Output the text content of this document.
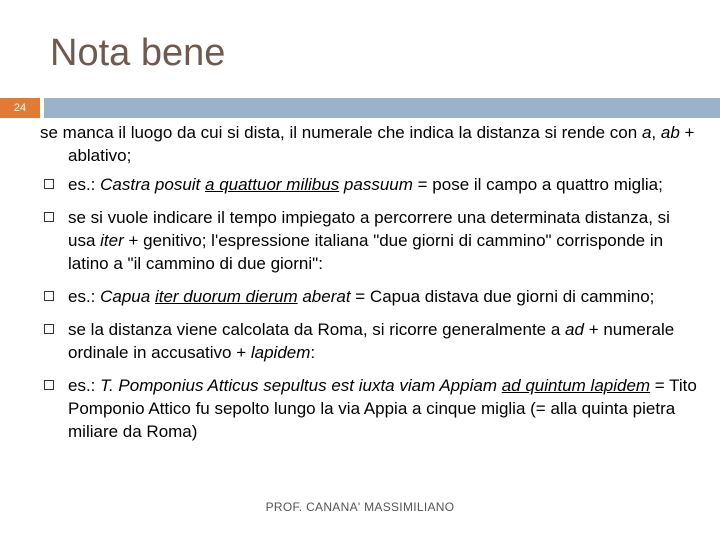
Nota bene
24

se manca il luogo da cui si dista, il numerale che indica la distanza si rende con a, ab + ablativo;

es.: Castra posuit a quattuor milibus passuum = pose il campo a quattro miglia;
se si vuole indicare il tempo impiegato a percorrere una determinata distanza, si usa iter + genitivo; l'espressione italiana "due giorni di cammino" corrisponde in latino a "il cammino di due giorni":
es.: Capua iter duorum dierum aberat = Capua distava due giorni di cammino;
se la distanza viene calcolata da Roma, si ricorre generalmente a ad + numerale ordinale in accusativo + lapidem:
es.: T. Pomponius Atticus sepultus est iuxta viam Appiam ad quintum lapidem = Tito Pomponio Attico fu sepolto lungo la via Appia a cinque miglia (= alla quinta pietra miliare da Roma)
PROF. CANANA' MASSIMILIANO
